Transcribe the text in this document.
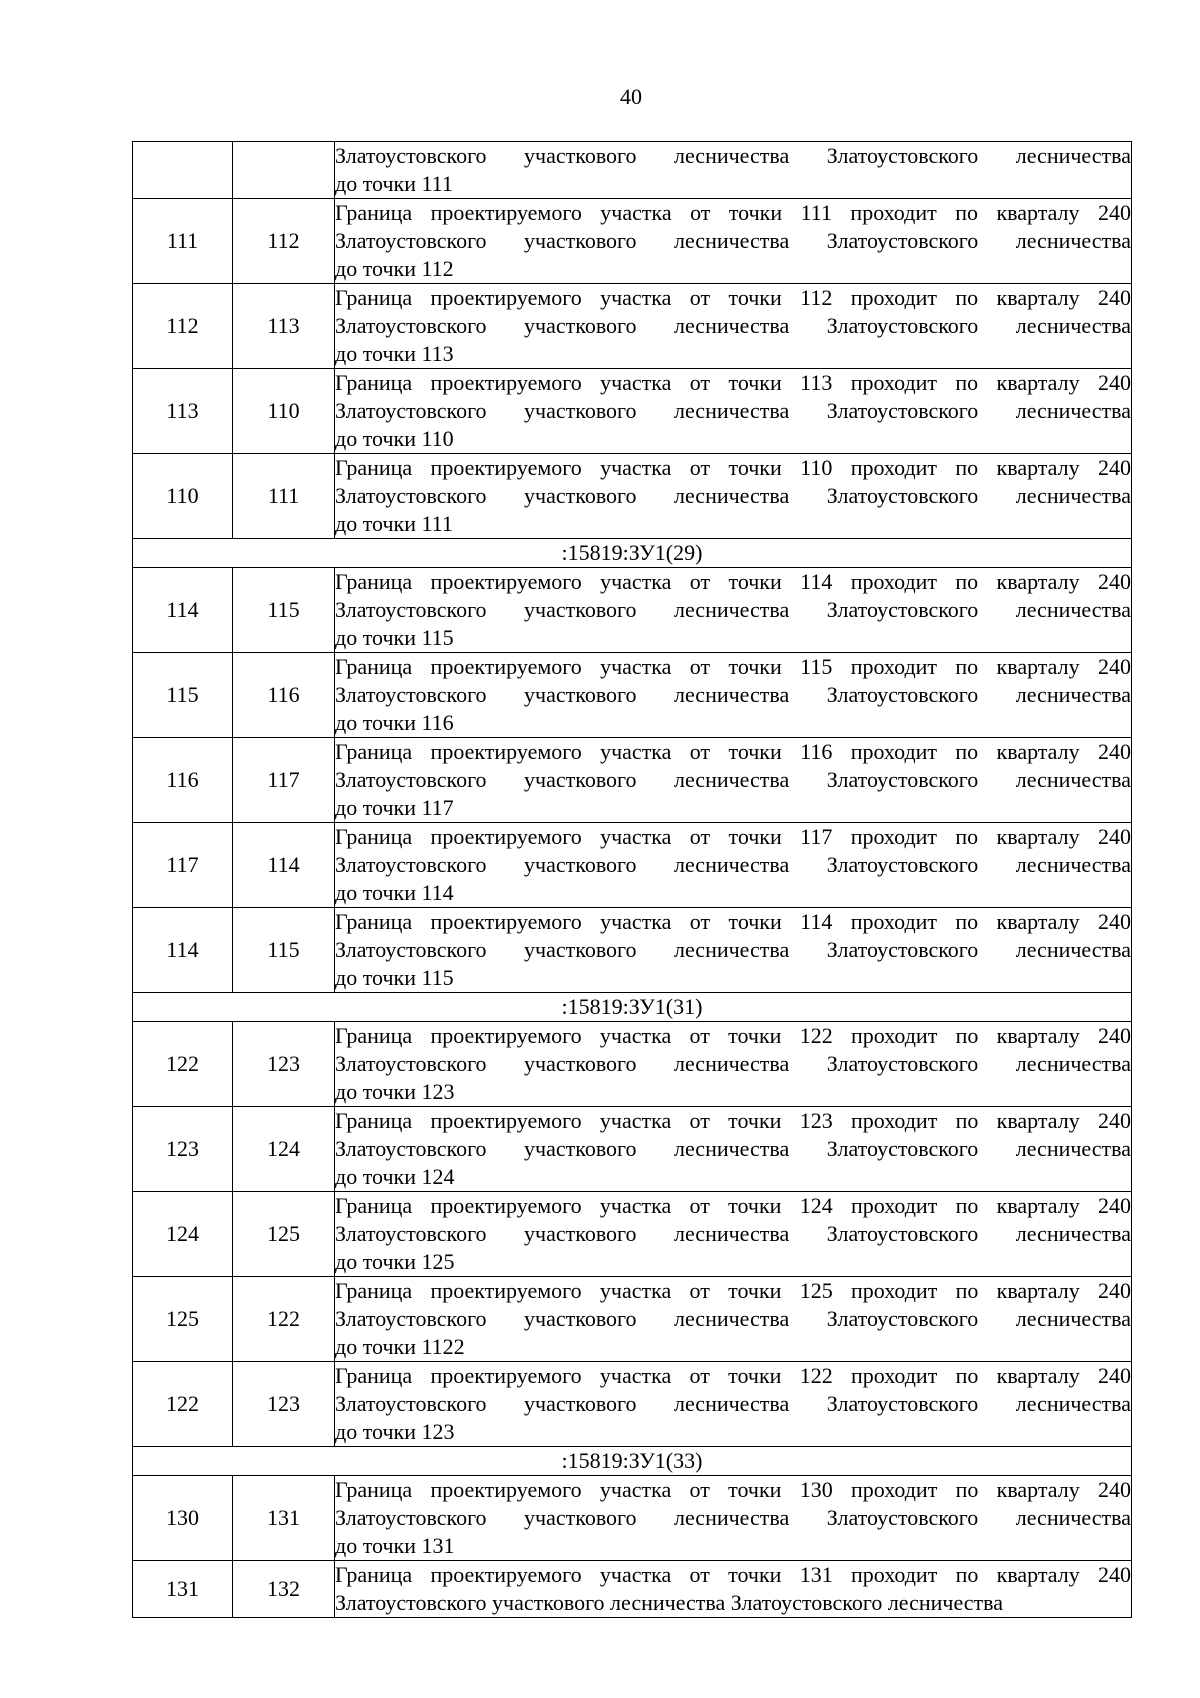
40

		Златоустовского участкового лесничества Златоустовского лесничества
до точки 111

111	112	Граница проектируемого участка от точки 111 проходит по кварталу 240
Златоустовского участкового лесничества Златоустовского лесничества
до точки 112

112	113	Граница проектируемого участка от точки 112 проходит по кварталу 240
Златоустовского участкового лесничества Златоустовского лесничества
до точки 113

113	110	Граница проектируемого участка от точки 113 проходит по кварталу 240
Златоустовского участкового лесничества Златоустовского лесничества
до точки 110

110	111	Граница проектируемого участка от точки 110 проходит по кварталу 240
Златоустовского участкового лесничества Златоустовского лесничества
до точки 111

:15819:ЗУ1(29)		
114	115	Граница проектируемого участка от точки 114 проходит по кварталу 240
Златоустовского участкового лесничества Златоустовского лесничества
до точки 115

115	116	Граница проектируемого участка от точки 115 проходит по кварталу 240
Златоустовского участкового лесничества Златоустовского лесничества
до точки 116

116	117	Граница проектируемого участка от точки 116 проходит по кварталу 240
Златоустовского участкового лесничества Златоустовского лесничества
до точки 117

117	114	Граница проектируемого участка от точки 117 проходит по кварталу 240
Златоустовского участкового лесничества Златоустовского лесничества
до точки 114

114	115	Граница проектируемого участка от точки 114 проходит по кварталу 240
Златоустовского участкового лесничества Златоустовского лесничества
до точки 115

:15819:ЗУ1(31)		
122	123	Граница проектируемого участка от точки 122 проходит по кварталу 240
Златоустовского участкового лесничества Златоустовского лесничества
до точки 123

123	124	Граница проектируемого участка от точки 123 проходит по кварталу 240
Златоустовского участкового лесничества Златоустовского лесничества
до точки 124

124	125	Граница проектируемого участка от точки 124 проходит по кварталу 240
Златоустовского участкового лесничества Златоустовского лесничества
до точки 125

125	122	Граница проектируемого участка от точки 125 проходит по кварталу 240
Златоустовского участкового лесничества Златоустовского лесничества
до точки 1122

122	123	Граница проектируемого участка от точки 122 проходит по кварталу 240
Златоустовского участкового лесничества Златоустовского лесничества
до точки 123

:15819:ЗУ1(33)		
130	131	Граница проектируемого участка от точки 130 проходит по кварталу 240
Златоустовского участкового лесничества Златоустовского лесничества
до точки 131

131	132	Граница проектируемого участка от точки 131 проходит по кварталу 240
Златоустовского участкового лесничества Златоустовского лесничества
